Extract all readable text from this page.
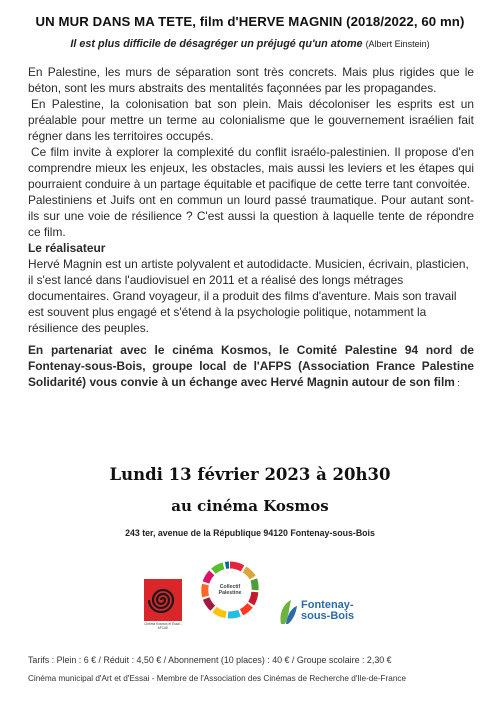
UN MUR DANS MA TETE, film d'HERVE MAGNIN (2018/2022, 60 mn)
Il est plus difficile de désagréger un préjugé qu'un atome (Albert Einstein)

En Palestine, les murs de séparation sont très concrets. Mais plus rigides que le béton, sont les murs abstraits des mentalités façonnées par les propagandes.

En Palestine, la colonisation bat son plein. Mais décoloniser les esprits est un préalable pour mettre un terme au colonialisme que le gouvernement israélien fait régner dans les territoires occupés.

Ce film invite à explorer la complexité du conflit israélo-palestinien. Il propose d'en comprendre mieux les enjeux, les obstacles, mais aussi les leviers et les étapes qui pourraient conduire à un partage équitable et pacifique de cette terre tant convoitée.

Palestiniens et Juifs ont en commun un lourd passé traumatique. Pour autant sont-ils sur une voie de résilience ? C'est aussi la question à laquelle tente de répondre ce film.

Le réalisateur

Hervé Magnin est un artiste polyvalent et autodidacte. Musicien, écrivain, plasticien, il s'est lancé dans l'audiovisuel en 2011 et a réalisé des longs métrages documentaires. Grand voyageur, il a produit des films d'aventure. Mais son travail est souvent plus engagé et s'étend à la psychologie politique, notamment la résilience des peuples.

En partenariat avec le cinéma Kosmos, le Comité Palestine 94 nord de Fontenay-sous-Bois, groupe local de l'AFPS (Association France Palestine Solidarité) vous convie à un échange avec Hervé Magnin autour de son film :

Lundi 13 février 2023 à 20h30
au cinéma Kosmos
243 ter, avenue de la République 94120 Fontenay-sous-Bois
Cinéma Kosmos et Essai - AFCAE
Collectif Palestine
Fontenay-
sous-Bois
Tarifs : Plein : 6 € / Réduit : 4,50 € / Abonnement (10 places) : 40 € / Groupe scolaire : 2,30 €
Cinéma municipal d'Art et d'Essai - Membre de l'Association des Cinémas de Recherche d'Ile-de-France
